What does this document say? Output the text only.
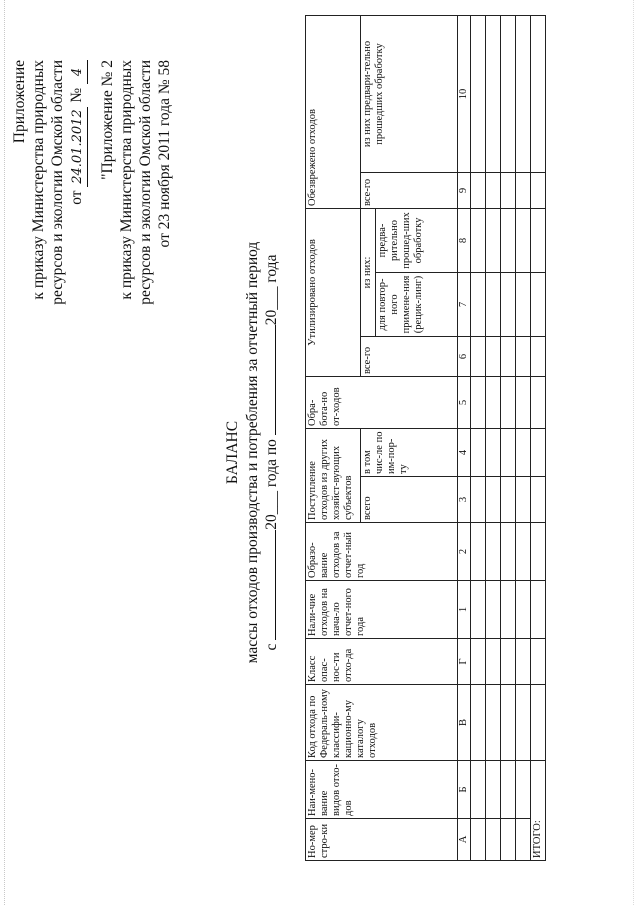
Приложение к приказу Министерства природных ресурсов и экологии Омской области от 24.01.2012 № 4 "Приложение № 2 к приказу Министерства природных ресурсов и экологии Омской области от 23 ноября 2011 года № 58
БАЛАНС массы отходов производства и потребления за отчетный период с 20___ года по 20___ года
Но-мер стро-ки	Наи-мено-вание видов отхо-дов	Код отхода по Федераль-ному классифи-кационно-му каталогу отходов	Класс опас-нос-ти отхо-да	Нали-чие отходов на нача-ло отчет-ного года	Образо-вание отходов за отчет-ный год	Поступление отходов из других хозяйст-вующих субъектов		Обра-бота-но от-ходов	Утилизировано отходов			Обезврежено отходов	
						всего	в том чис-ле по им-пор-ту		все-го	из них:		все-го	из них предвари-тельно прошедших обработку
										для повтор-ного примене-ния (рецик-линг)	предва-рительно прошед-ших обработку		
А	Б	В	Г	1	2	3	4	5	6	7	8	9	10

ИТОГО:													
